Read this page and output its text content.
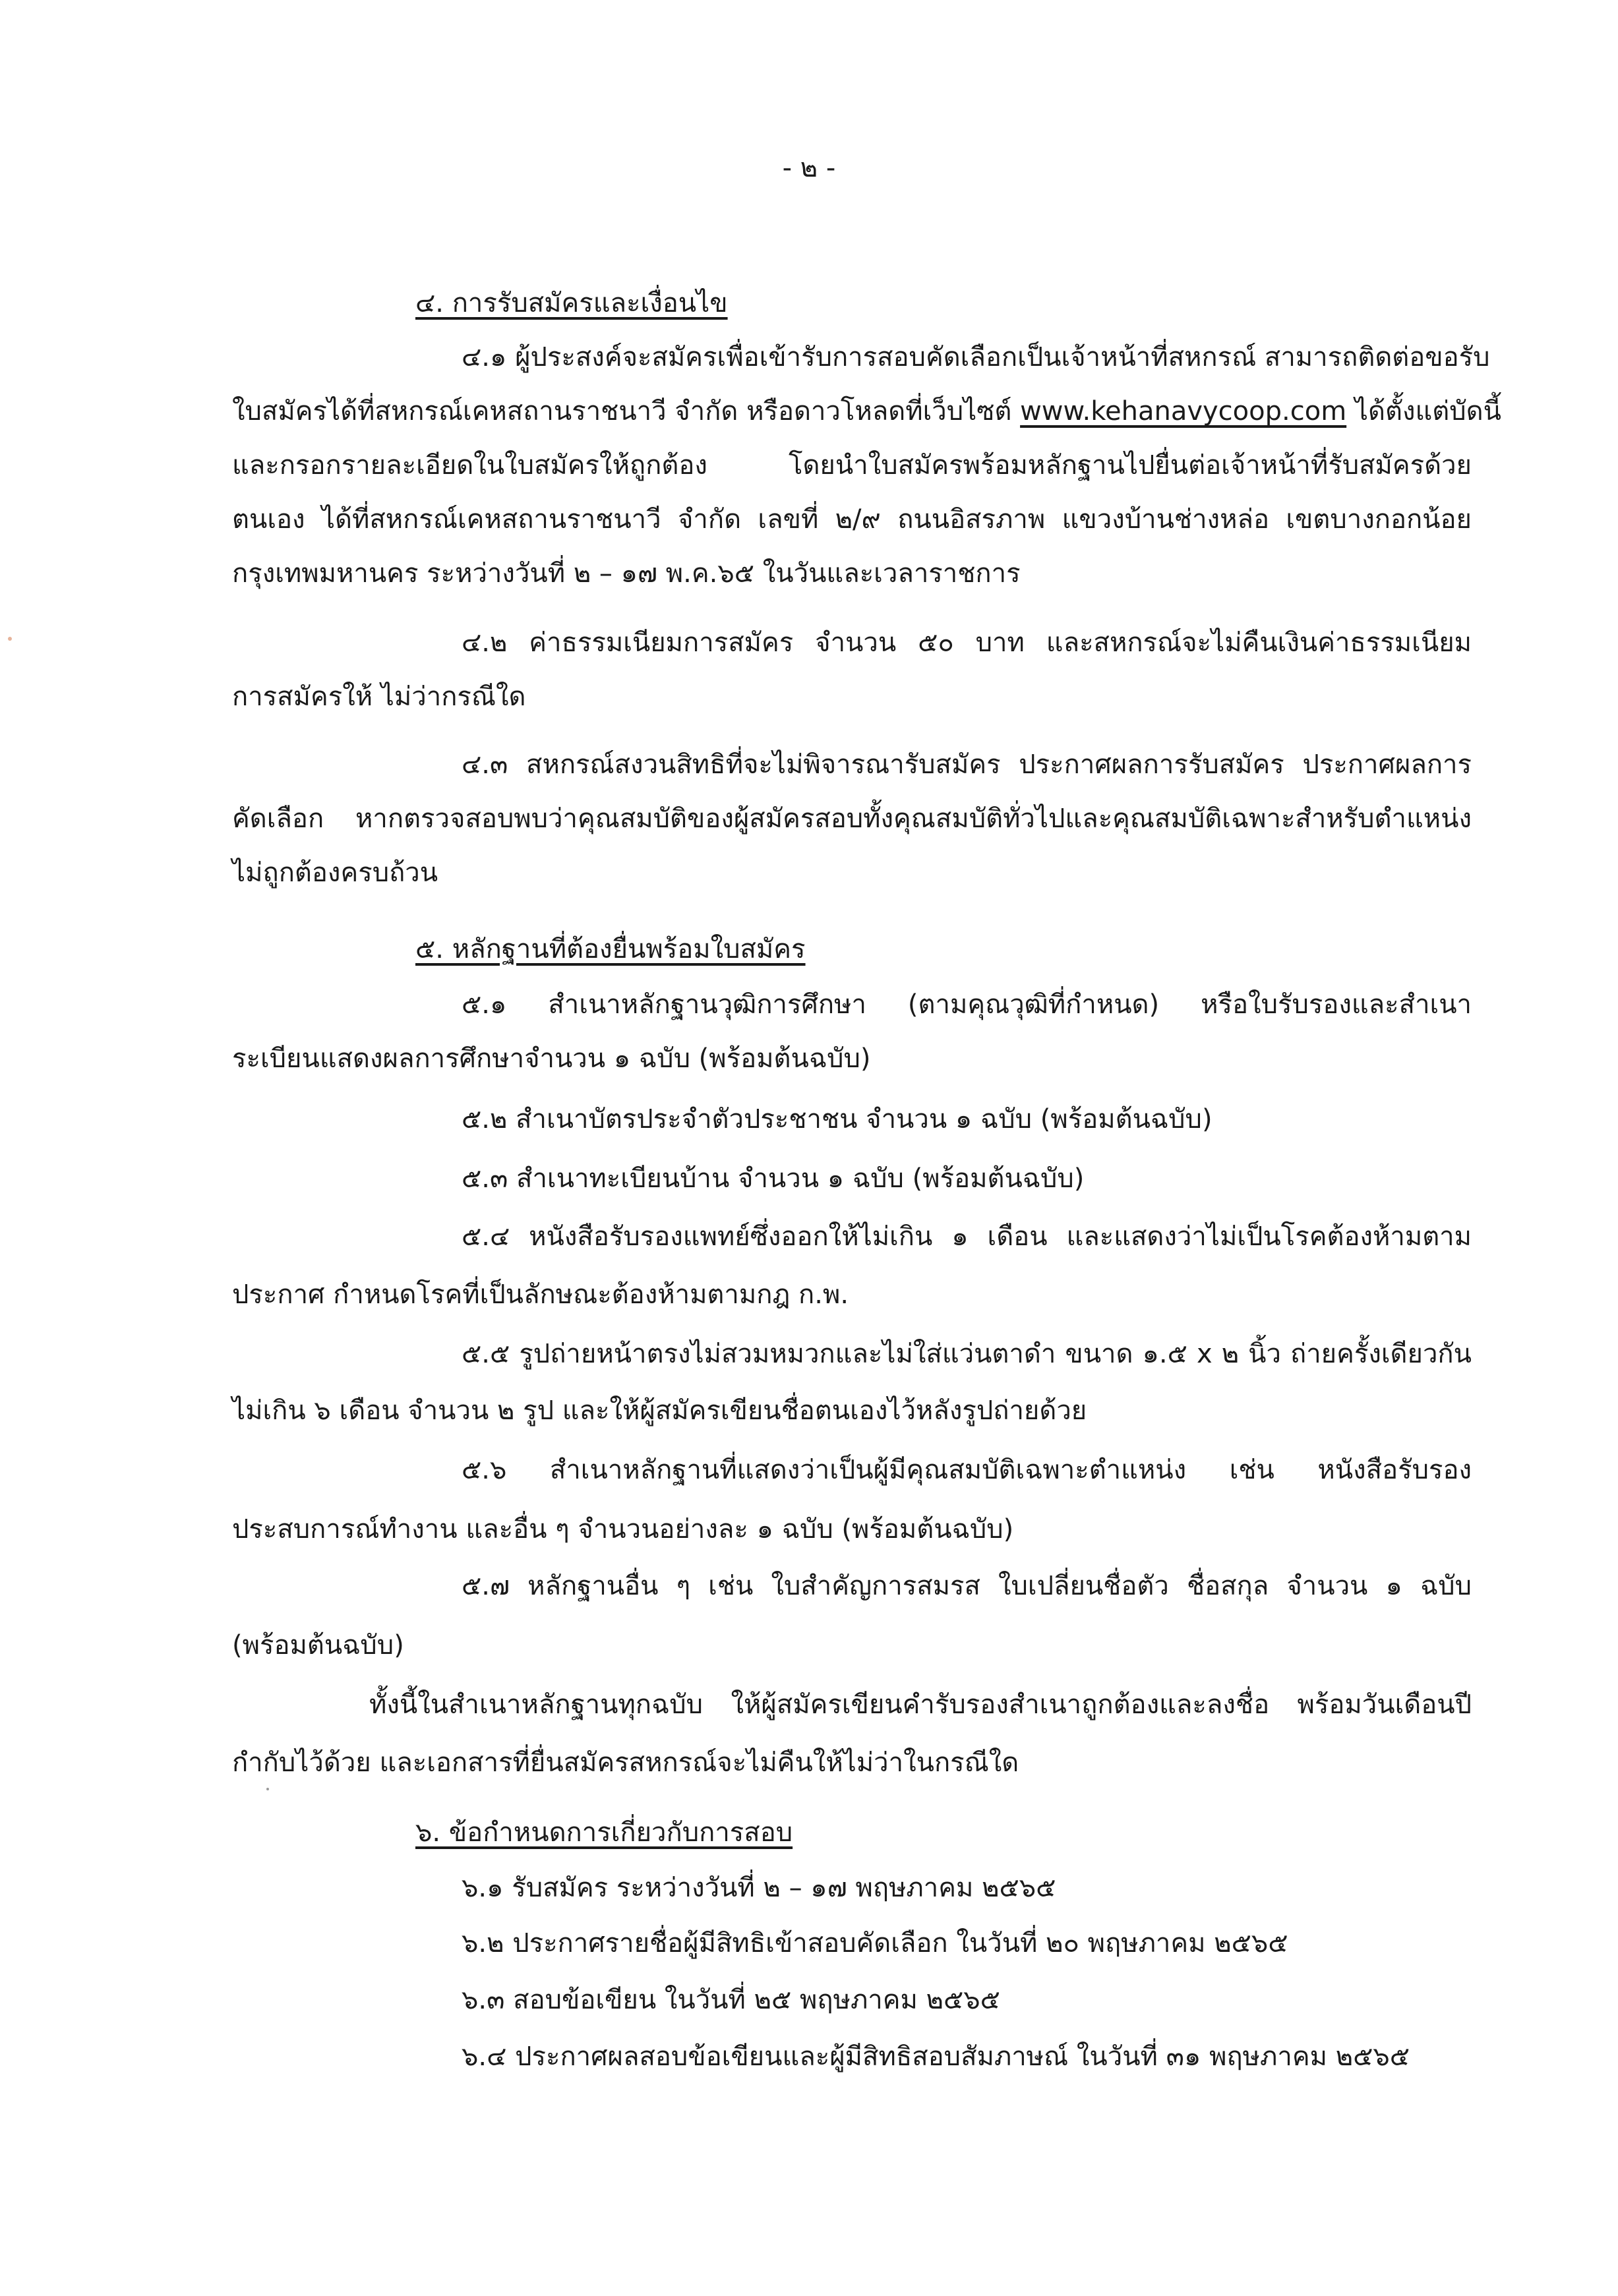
- ๒ -
๔. การรับสมัครและเงื่อนไข
๔.๑ ผู้ประสงค์จะสมัครเพื่อเข้ารับการสอบคัดเลือกเป็นเจ้าหน้าที่สหกรณ์ สามารถติดต่อขอรับ
ใบสมัครได้ที่สหกรณ์เคหสถานราชนาวี จำกัด หรือดาวโหลดที่เว็บไซต์ www.kehanavycoop.com ได้ตั้งแต่บัดนี้
และกรอกรายละเอียดในใบสมัครให้ถูกต้อง โดยนำใบสมัครพร้อมหลักฐานไปยื่นต่อเจ้าหน้าที่รับสมัครด้วย
ตนเอง ได้ที่สหกรณ์เคหสถานราชนาวี จำกัด เลขที่ ๒/๙ ถนนอิสรภาพ แขวงบ้านช่างหล่อ เขตบางกอกน้อย
กรุงเทพมหานคร ระหว่างวันที่ ๒ – ๑๗ พ.ค.๖๕ ในวันและเวลาราชการ
๔.๒ ค่าธรรมเนียมการสมัคร จำนวน ๕๐ บาท และสหกรณ์จะไม่คืนเงินค่าธรรมเนียม
การสมัครให้ ไม่ว่ากรณีใด
๔.๓ สหกรณ์สงวนสิทธิที่จะไม่พิจารณารับสมัคร ประกาศผลการรับสมัคร ประกาศผลการ
คัดเลือก หากตรวจสอบพบว่าคุณสมบัติของผู้สมัครสอบทั้งคุณสมบัติทั่วไปและคุณสมบัติเฉพาะสำหรับตำแหน่ง
ไม่ถูกต้องครบถ้วน
๕. หลักฐานที่ต้องยื่นพร้อมใบสมัคร
๕.๑ สำเนาหลักฐานวุฒิการศึกษา (ตามคุณวุฒิที่กำหนด) หรือใบรับรองและสำเนา
ระเบียนแสดงผลการศึกษาจำนวน ๑ ฉบับ (พร้อมต้นฉบับ)
๕.๒ สำเนาบัตรประจำตัวประชาชน จำนวน ๑ ฉบับ (พร้อมต้นฉบับ)
๕.๓ สำเนาทะเบียนบ้าน จำนวน ๑ ฉบับ (พร้อมต้นฉบับ)
๕.๔ หนังสือรับรองแพทย์ซึ่งออกให้ไม่เกิน ๑ เดือน และแสดงว่าไม่เป็นโรคต้องห้ามตาม
ประกาศ กำหนดโรคที่เป็นลักษณะต้องห้ามตามกฎ ก.พ.
๕.๕ รูปถ่ายหน้าตรงไม่สวมหมวกและไม่ใส่แว่นตาดำ ขนาด ๑.๕ x ๒ นิ้ว ถ่ายครั้งเดียวกัน
ไม่เกิน ๖ เดือน จำนวน ๒ รูป และให้ผู้สมัครเขียนชื่อตนเองไว้หลังรูปถ่ายด้วย
๕.๖ สำเนาหลักฐานที่แสดงว่าเป็นผู้มีคุณสมบัติเฉพาะตำแหน่ง เช่น หนังสือรับรอง
ประสบการณ์ทำงาน และอื่น ๆ จำนวนอย่างละ ๑ ฉบับ (พร้อมต้นฉบับ)
๕.๗ หลักฐานอื่น ๆ เช่น ใบสำคัญการสมรส ใบเปลี่ยนชื่อตัว ชื่อสกุล จำนวน ๑ ฉบับ
(พร้อมต้นฉบับ)
ทั้งนี้ในสำเนาหลักฐานทุกฉบับ ให้ผู้สมัครเขียนคำรับรองสำเนาถูกต้องและลงชื่อ พร้อมวันเดือนปี
กำกับไว้ด้วย และเอกสารที่ยื่นสมัครสหกรณ์จะไม่คืนให้ไม่ว่าในกรณีใด
๖. ข้อกำหนดการเกี่ยวกับการสอบ
๖.๑ รับสมัคร ระหว่างวันที่ ๒ – ๑๗ พฤษภาคม ๒๕๖๕
๖.๒ ประกาศรายชื่อผู้มีสิทธิเข้าสอบคัดเลือก ในวันที่ ๒๐ พฤษภาคม ๒๕๖๕
๖.๓ สอบข้อเขียน ในวันที่ ๒๕ พฤษภาคม ๒๕๖๕
๖.๔ ประกาศผลสอบข้อเขียนและผู้มีสิทธิสอบสัมภาษณ์ ในวันที่ ๓๑ พฤษภาคม ๒๕๖๕
